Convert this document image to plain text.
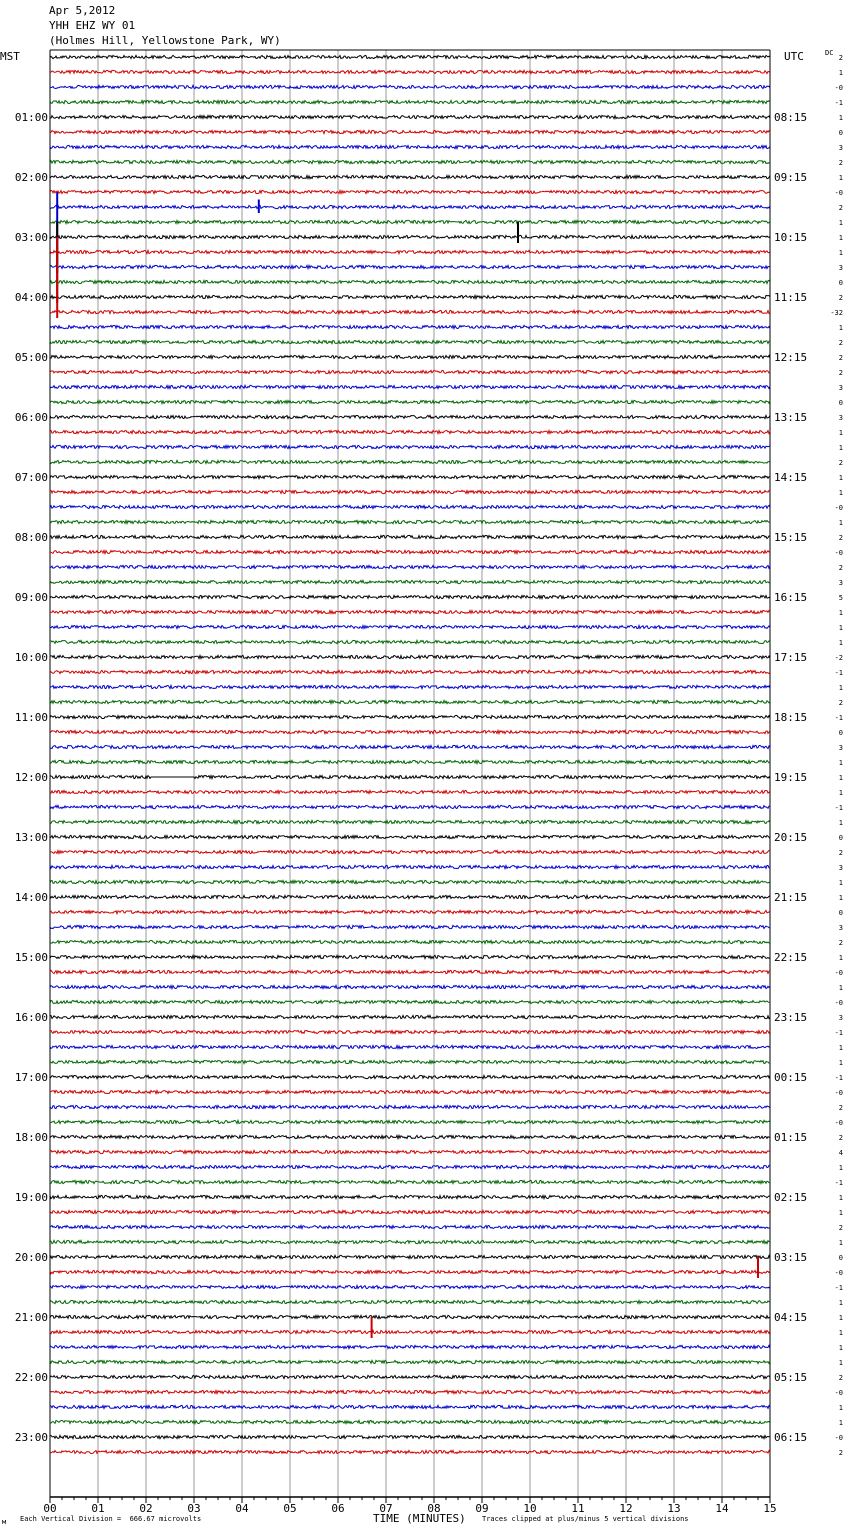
Apr 5,2012
YHH EHZ WY 01
(Holmes Hill, Yellowstone Park, WY)
MST	UTC	DC
2
1
-0
-1
1
0
3
2
1
-0
2
1
1
1
3
0
2
-32
1
2
2
2
3
0
3
1
1
2
1
1
-0
1
2
-0
2
3
5
1
1
1
-2
-1
1
2
-1
0
3
1
1
1
-1
1
0
2
3
1
1
0
3
2
1
-0
1
-0
3
-1
1
1
-1
-0
2
-0
2
4
1
-1
1
1
2
1
0
-0
-1
1
1
1
1
1
2
-0
1
1
-0
2
01:00	08:15
02:00	09:15
03:00	10:15
04:00	11:15
05:00	12:15
06:00	13:15
07:00	14:15
08:00	15:15
09:00	16:15
10:00	17:15
11:00	18:15
12:00	19:15
13:00	20:15
14:00	21:15
15:00	22:15
16:00	23:15
17:00	00:15
18:00	01:15
19:00	02:15
20:00	03:15
21:00	04:15
22:00	05:15
23:00	06:15
00	01	02	03	04	05	06	07	08	09	10	11	12	13	14	15
м Each Vertical Division =  666.67 microvolts	TIME (MINUTES) Traces clipped at plus/minus 5 vertical divisions
